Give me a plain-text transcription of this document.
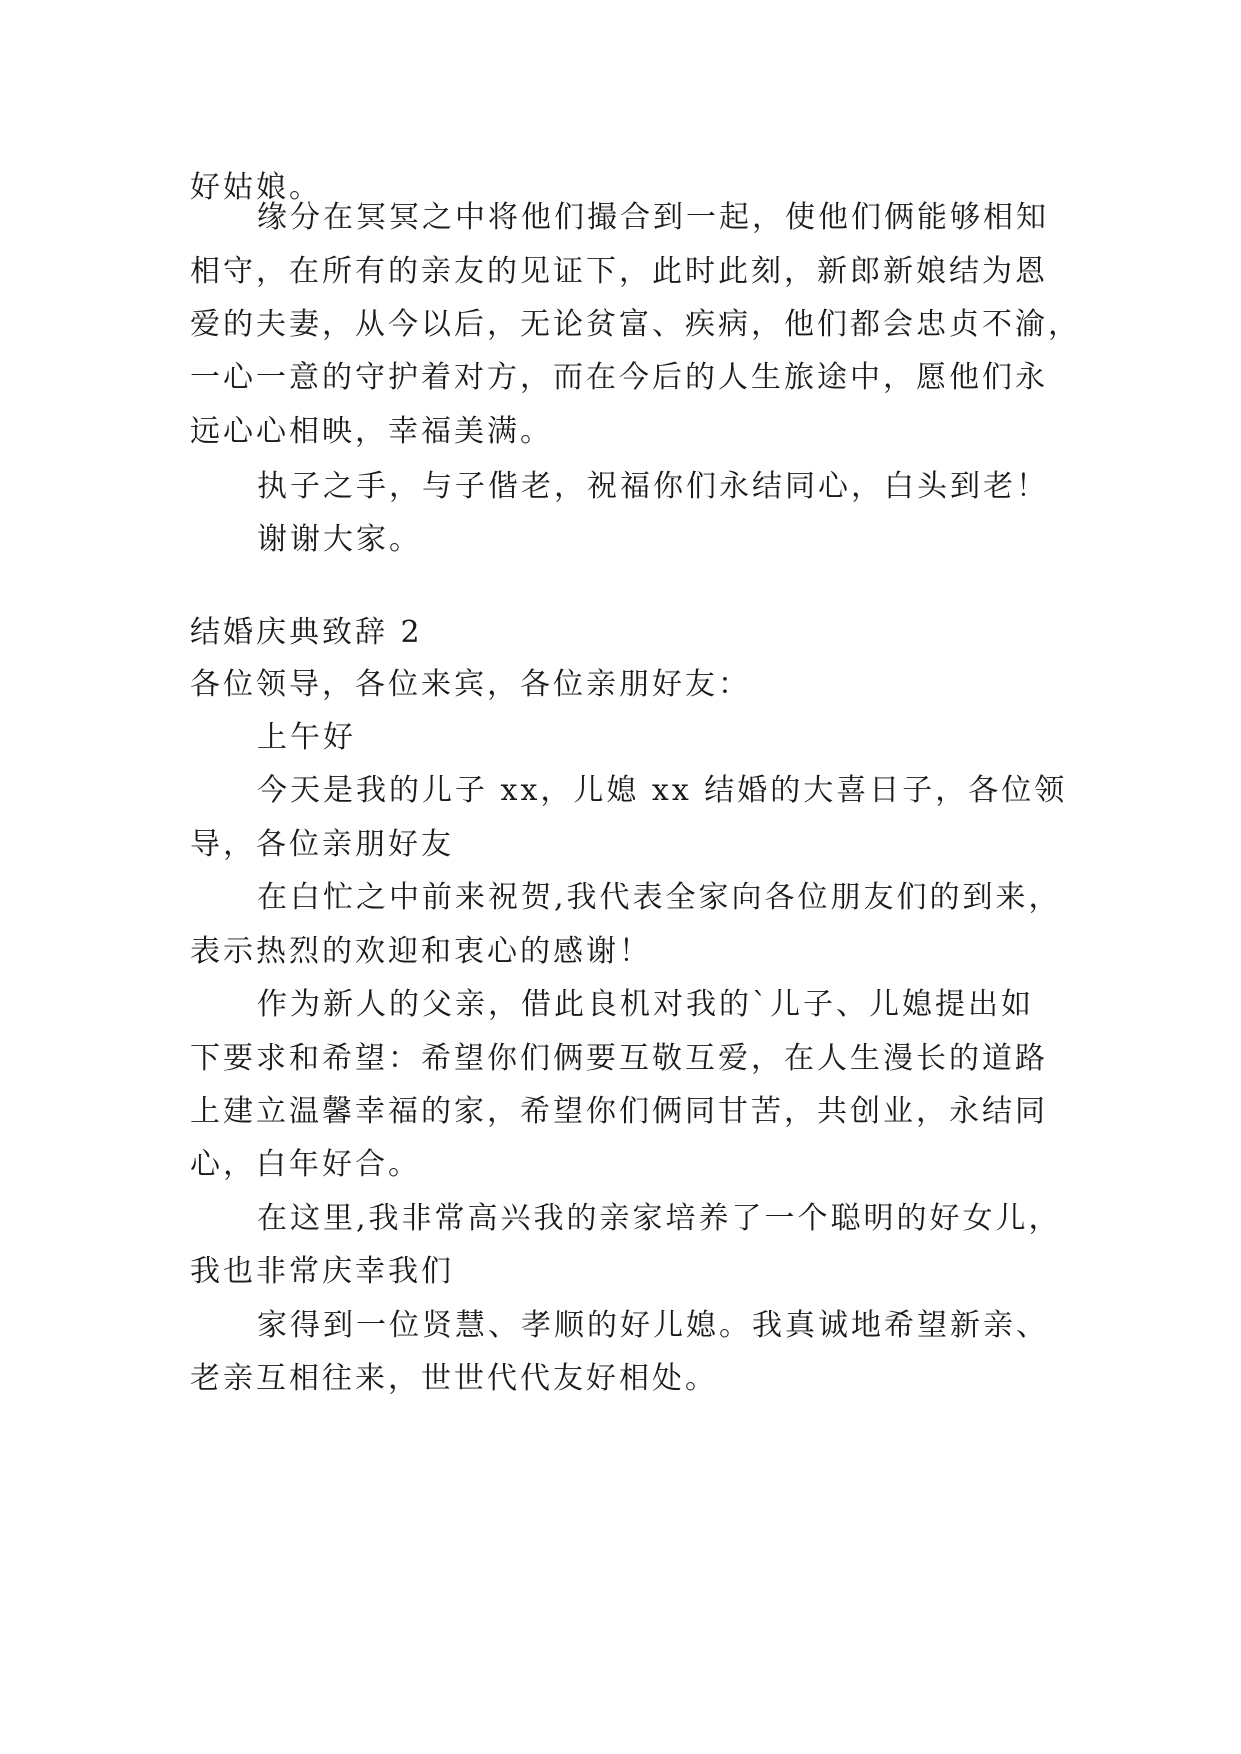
好姑娘。

缘分在冥冥之中将他们撮合到一起，使他们俩能够相知

相守，在所有的亲友的见证下，此时此刻，新郎新娘结为恩

爱的夫妻，从今以后，无论贫富、疾病，他们都会忠贞不渝，

一心一意的守护着对方，而在今后的人生旅途中，愿他们永

远心心相映，幸福美满。

执子之手，与子偕老，祝福你们永结同心，白头到老！

谢谢大家。

结婚庆典致辞 2

各位领导，各位来宾，各位亲朋好友：

上午好

今天是我的儿子 xx，儿媳 xx 结婚的大喜日子，各位领

导，各位亲朋好友

在白忙之中前来祝贺,我代表全家向各位朋友们的到来，

表示热烈的欢迎和衷心的感谢！

作为新人的父亲，借此良机对我的`儿子、儿媳提出如

下要求和希望：希望你们俩要互敬互爱，在人生漫长的道路

上建立温馨幸福的家，希望你们俩同甘苦，共创业，永结同

心，白年好合。

在这里,我非常高兴我的亲家培养了一个聪明的好女儿，

我也非常庆幸我们

家得到一位贤慧、孝顺的好儿媳。我真诚地希望新亲、

老亲互相往来，世世代代友好相处。
